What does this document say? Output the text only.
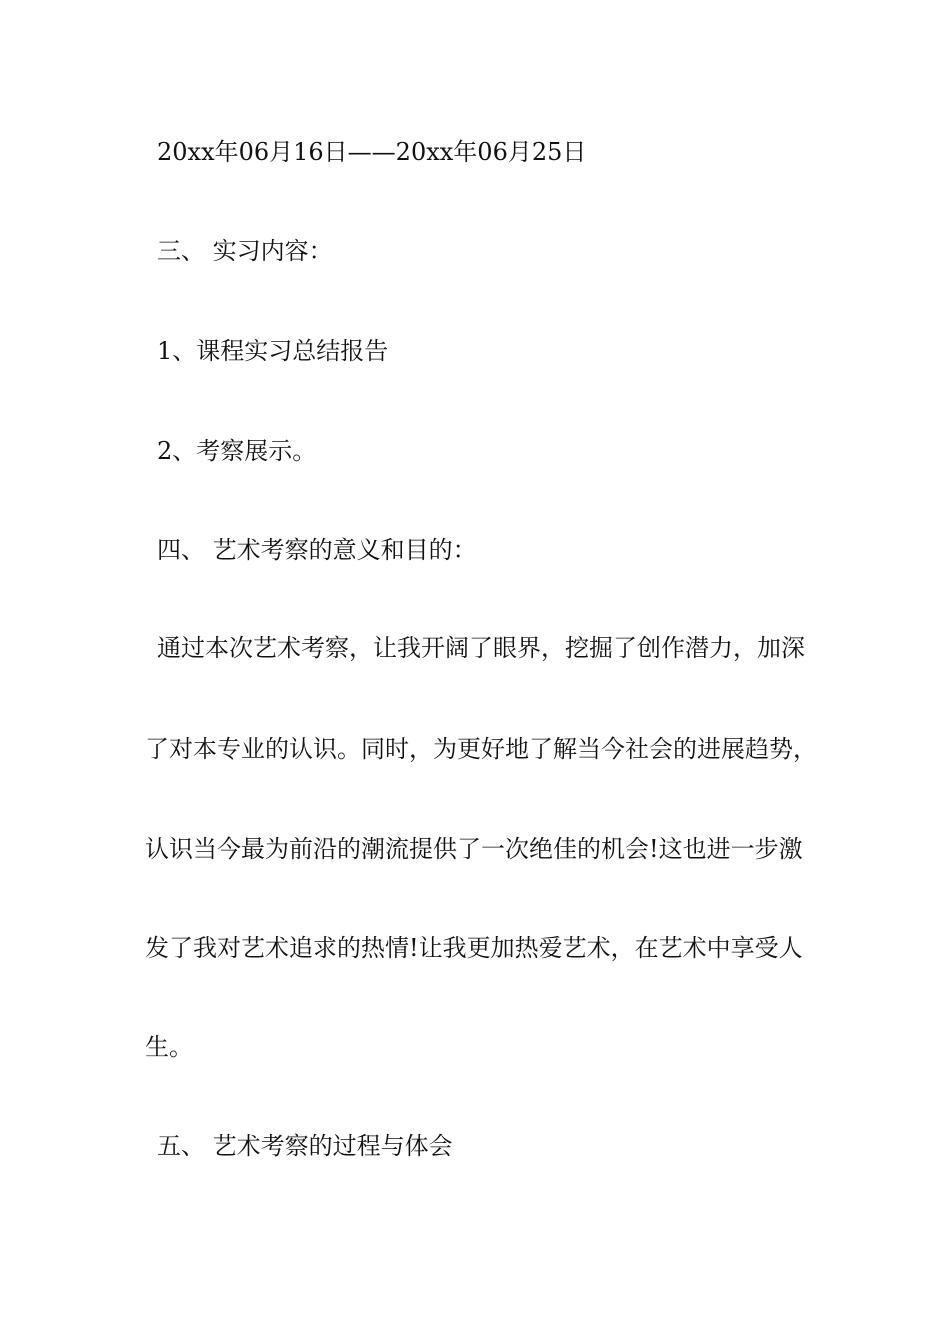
20xx年06月16日——20xx年06月25日

三、 实习内容：

1、课程实习总结报告

2、考察展示。

四、 艺术考察的意义和目的：

通过本次艺术考察，让我开阔了眼界，挖掘了创作潜力，加深

了对本专业的认识。同时，为更好地了解当今社会的进展趋势，

认识当今最为前沿的潮流提供了一次绝佳的机会!这也进一步激

发了我对艺术追求的热情!让我更加热爱艺术，在艺术中享受人

生。

五、 艺术考察的过程与体会
